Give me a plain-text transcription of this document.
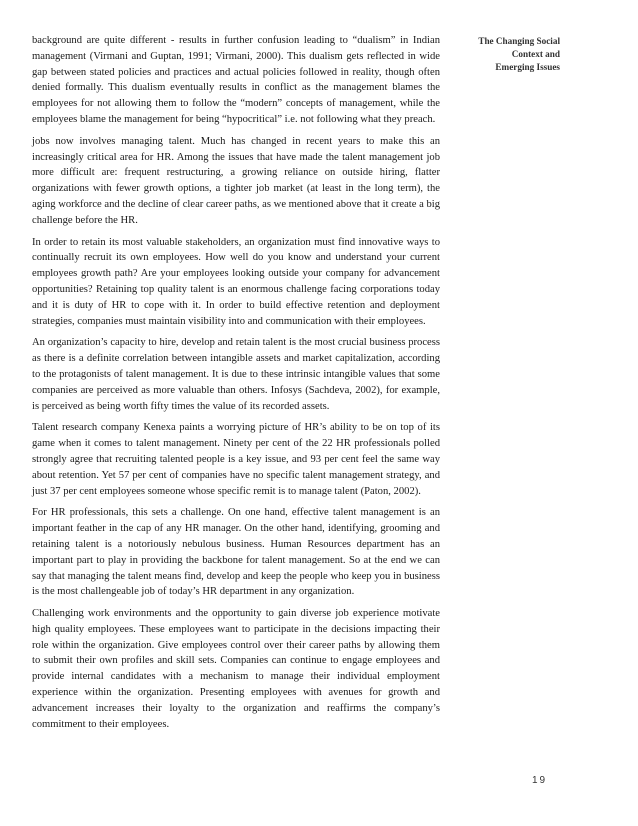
The Changing Social
Context and
Emerging Issues

background are quite different - results in further confusion leading to “dualism” in Indian management (Virmani and Guptan, 1991; Virmani, 2000). This dualism gets reflected in wide gap between stated policies and practices and actual policies followed in reality, though often denied formally. This dualism eventually results in conflict as the management blames the employees for not allowing them to follow the “modern” concepts of management, while the employees blame the management for being “hypocritical” i.e. not following what they preach.

jobs now involves managing talent. Much has changed in recent years to make this an increasingly critical area for HR. Among the issues that have made the talent management job more difficult are: frequent restructuring, a growing reliance on outside hiring, flatter organizations with fewer growth options, a tighter job market (at least in the long term), the aging workforce and the decline of clear career paths, as we mentioned above that it create a big challenge before the HR.

In order to retain its most valuable stakeholders, an organization must find innovative ways to continually recruit its own employees. How well do you know and understand your current employees growth path? Are your employees looking outside your company for advancement opportunities? Retaining top quality talent is an enormous challenge facing corporations today and it is duty of HR to cope with it. In order to build effective retention and deployment strategies, companies must maintain visibility into and communication with their employees.

An organization’s capacity to hire, develop and retain talent is the most crucial business process as there is a definite correlation between intangible assets and market capitalization, according to the protagonists of talent management. It is due to these intrinsic intangible values that some companies are perceived as more valuable than others. Infosys (Sachdeva, 2002), for example, is perceived as being worth fifty times the value of its recorded assets.

Talent research company Kenexa paints a worrying picture of HR’s ability to be on top of its game when it comes to talent management. Ninety per cent of the 22 HR professionals polled strongly agree that recruiting talented people is a key issue, and 93 per cent feel the same way about retention. Yet 57 per cent of companies have no specific talent management strategy, and just 37 per cent employees someone whose specific remit is to manage talent (Paton, 2002).

For HR professionals, this sets a challenge. On one hand, effective talent management is an important feather in the cap of any HR manager. On the other hand, identifying, grooming and retaining talent is a notoriously nebulous business. Human Resources department has an important part to play in providing the backbone for talent management. So at the end we can say that managing the talent means find, develop and keep the people who keep you in business is the most challengeable job of today’s HR department in any organization.

Challenging work environments and the opportunity to gain diverse job experience motivate high quality employees. These employees want to participate in the decisions impacting their role within the organization. Give employees control over their career paths by allowing them to submit their own profiles and skill sets. Companies can continue to engage employees and provide internal candidates with a mechanism to manage their individual employment experience within the organization. Presenting employees with avenues for growth and advancement increases their loyalty to the organization and reaffirms the company’s commitment to their employees.

19
